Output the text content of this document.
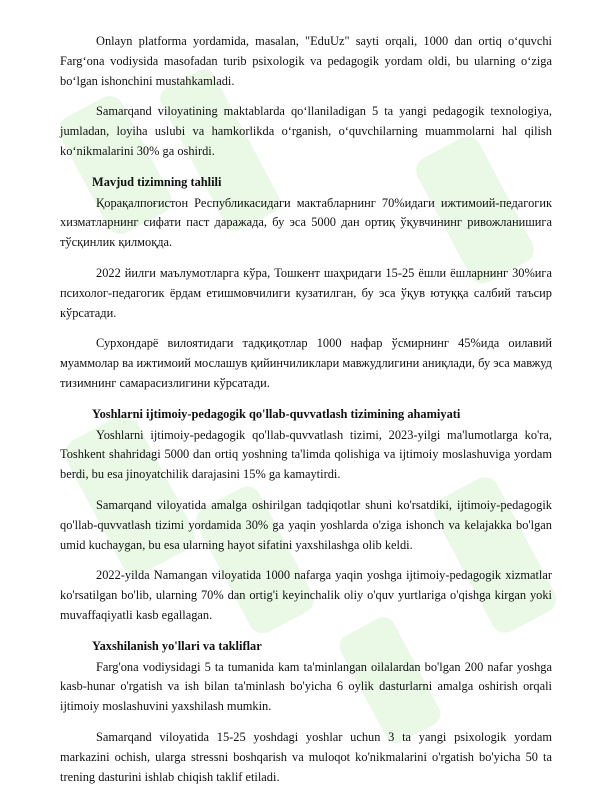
Onlayn platforma yordamida, masalan, "EduUz" sayti orqali, 1000 dan ortiq o‘quvchi Farg‘ona vodiysida masofadan turib psixologik va pedagogik yordam oldi, bu ularning o‘ziga bo‘lgan ishonchini mustahkamladi.

Samarqand viloyatining maktablarda qo‘llaniladigan 5 ta yangi pedagogik texnologiya, jumladan, loyiha uslubi va hamkorlikda o‘rganish, o‘quvchilarning muammolarni hal qilish ko‘nikmalarini 30% ga oshirdi.

Mavjud tizimning tahlili

Қорақалпоғистон Республикасидаги мактабларнинг 70%идаги ижтимоий-педагогик хизматларнинг сифати паст даражада, бу эса 5000 дан ортиқ ўқувчининг ривожланишига тўсқинлик қилмоқда.

2022 йилги маълумотларга кўра, Тошкент шаҳридаги 15-25 ёшли ёшларнинг 30%ига психолог-педагогик ёрдам етишмовчилиги кузатилган, бу эса ўқув ютуққа салбий таъсир кўрсатади.

Сурхондарё вилоятидаги тадқиқотлар 1000 нафар ўсмирнинг 45%ида оилавий муаммолар ва ижтимоий мослашув қийинчиликлари мавжудлигини аниқлади, бу эса мавжуд тизимнинг самарасизлигини кўрсатади.

Yoshlarni ijtimoiy-pedagogik qo'llab-quvvatlash tizimining ahamiyati

Yoshlarni ijtimoiy-pedagogik qo'llab-quvvatlash tizimi, 2023-yilgi ma'lumotlarga ko'ra, Toshkent shahridagi 5000 dan ortiq yoshning ta'limda qolishiga va ijtimoiy moslashuviga yordam berdi, bu esa jinoyatchilik darajasini 15% ga kamaytirdi.

Samarqand viloyatida amalga oshirilgan tadqiqotlar shuni ko'rsatdiki, ijtimoiy-pedagogik qo'llab-quvvatlash tizimi yordamida 30% ga yaqin yoshlarda o'ziga ishonch va kelajakka bo'lgan umid kuchaygan, bu esa ularning hayot sifatini yaxshilashga olib keldi.

2022-yilda Namangan viloyatida 1000 nafarga yaqin yoshga ijtimoiy-pedagogik xizmatlar ko'rsatilgan bo'lib, ularning 70% dan ortig'i keyinchalik oliy o'quv yurtlariga o'qishga kirgan yoki muvaffaqiyatli kasb egallagan.

Yaxshilanish yo'llari va takliflar

Farg'ona vodiysidagi 5 ta tumanida kam ta'minlangan oilalardan bo'lgan 200 nafar yoshga kasb-hunar o'rgatish va ish bilan ta'minlash bo'yicha 6 oylik dasturlarni amalga oshirish orqali ijtimoiy moslashuvini yaxshilash mumkin.

Samarqand viloyatida 15-25 yoshdagi yoshlar uchun 3 ta yangi psixologik yordam markazini ochish, ularga stressni boshqarish va muloqot ko'nikmalarini o'rgatish bo'yicha 50 ta trening dasturini ishlab chiqish taklif etiladi.
